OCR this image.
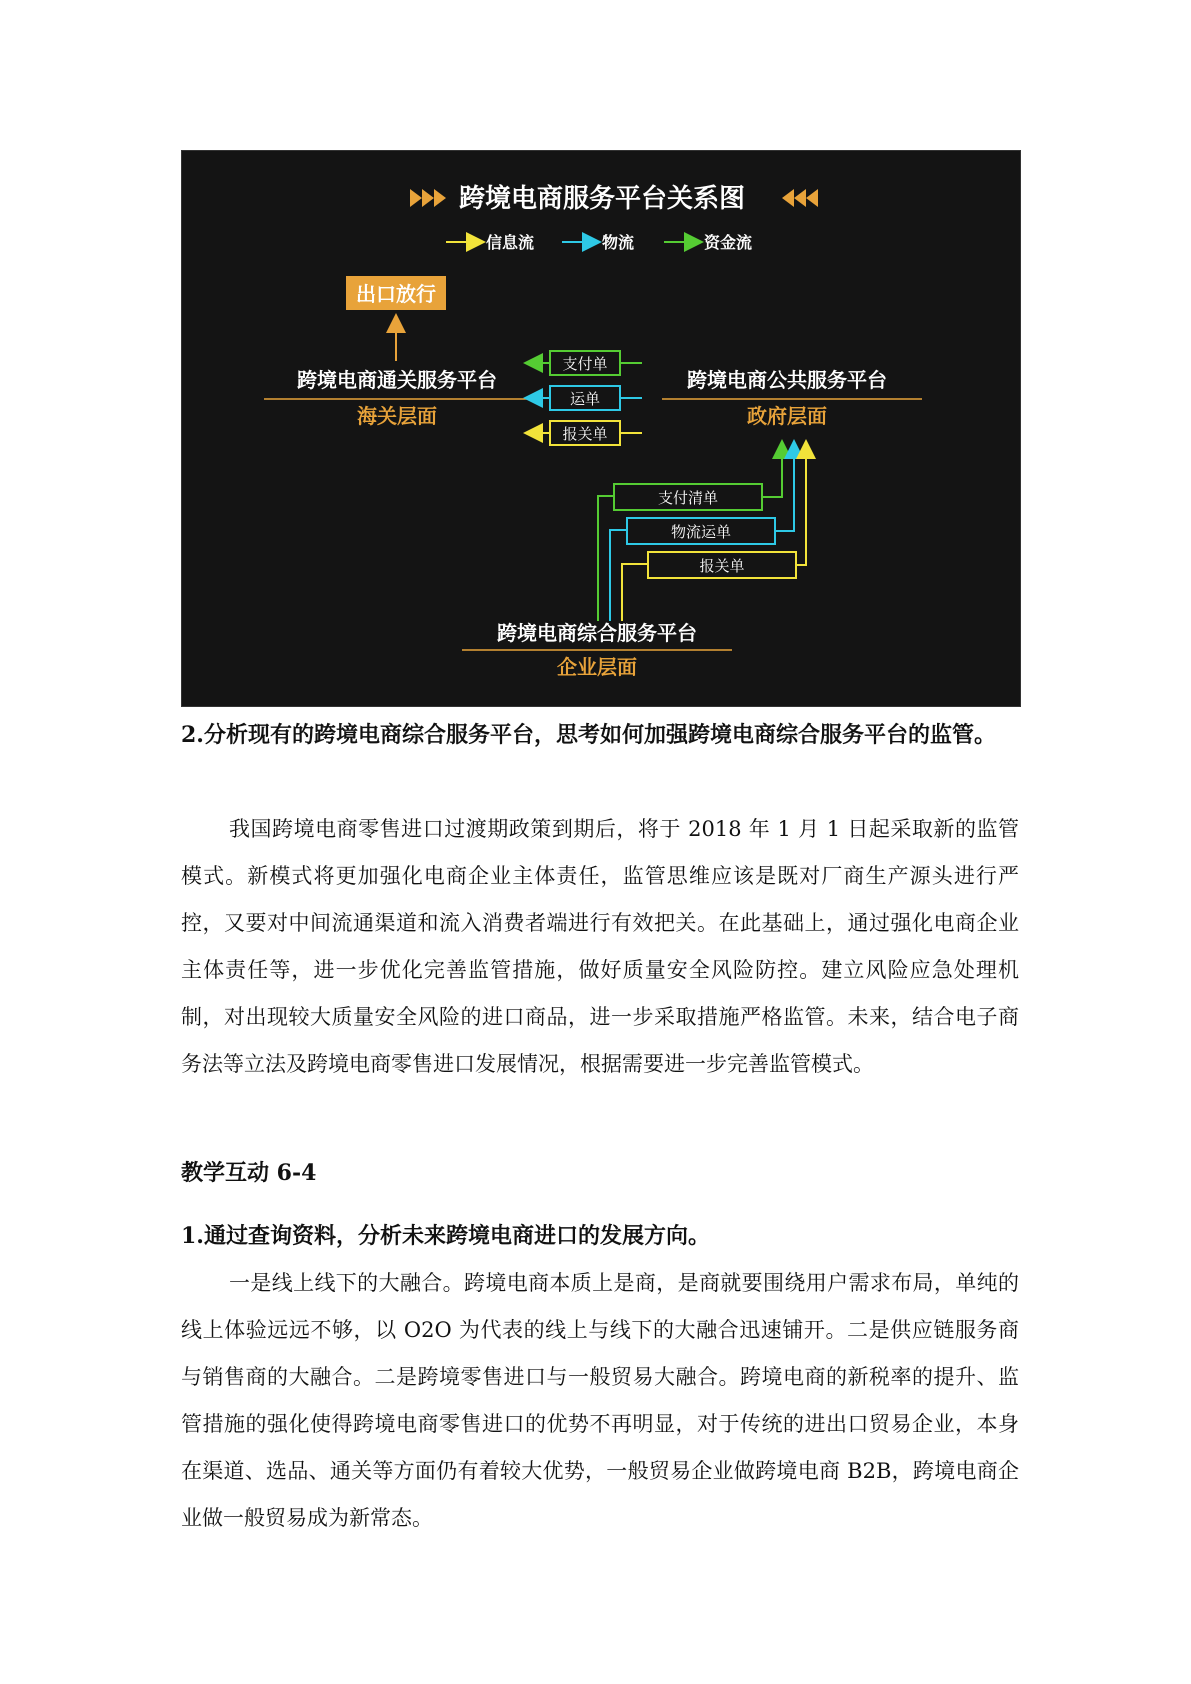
跨境电商服务平台关系图
信息流	物流	资金流
出口放行
跨境电商通关服务平台
海关层面
跨境电商公共服务平台
政府层面
支付单
运单
报关单
支付清单
物流运单
报关单
跨境电商综合服务平台
企业层面
2.分析现有的跨境电商综合服务平台，思考如何加强跨境电商综合服务平台的监管。
我国跨境电商零售进口过渡期政策到期后，将于 2018 年 1 月 1 日起采取新的监管模式。新模式将更加强化电商企业主体责任，监管思维应该是既对厂商生产源头进行严控，又要对中间流通渠道和流入消费者端进行有效把关。在此基础上，通过强化电商企业主体责任等，进一步优化完善监管措施，做好质量安全风险防控。建立风险应急处理机制，对出现较大质量安全风险的进口商品，进一步采取措施严格监管。未来，结合电子商务法等立法及跨境电商零售进口发展情况，根据需要进一步完善监管模式。
教学互动 6-4
1.通过查询资料，分析未来跨境电商进口的发展方向。
一是线上线下的大融合。跨境电商本质上是商，是商就要围绕用户需求布局，单纯的线上体验远远不够，以 O2O 为代表的线上与线下的大融合迅速铺开。二是供应链服务商与销售商的大融合。二是跨境零售进口与一般贸易大融合。跨境电商的新税率的提升、监管措施的强化使得跨境电商零售进口的优势不再明显，对于传统的进出口贸易企业，本身在渠道、选品、通关等方面仍有着较大优势，一般贸易企业做跨境电商 B2B，跨境电商企业做一般贸易成为新常态。
